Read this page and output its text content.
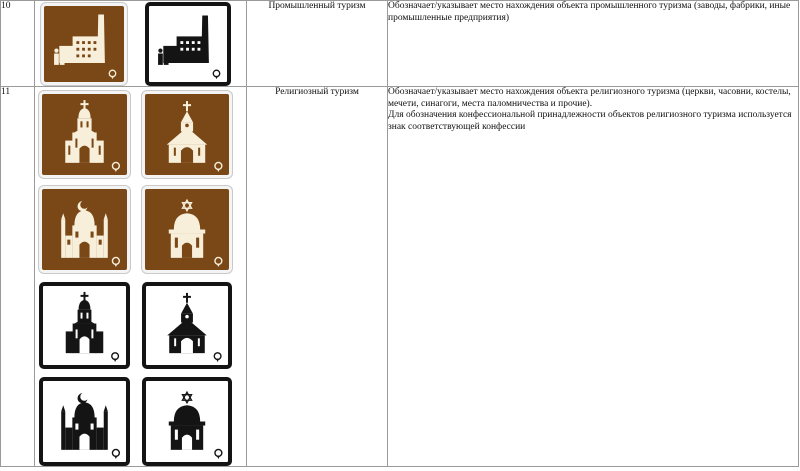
10		Промышленный туризм	Обозначает/указывает место нахождения объекта промышленного туризма (заводы, фабрики, иные промышленные предприятия)
11		Религиозный туризм	Обозначает/указывает место нахождения объекта религиозного туризма (церкви, часовни, костелы, мечети, синагоги, места паломничества и прочие).
Для обозначения конфессиональной принадлежности объектов религиозного туризма используется знак соответствующей конфессии
